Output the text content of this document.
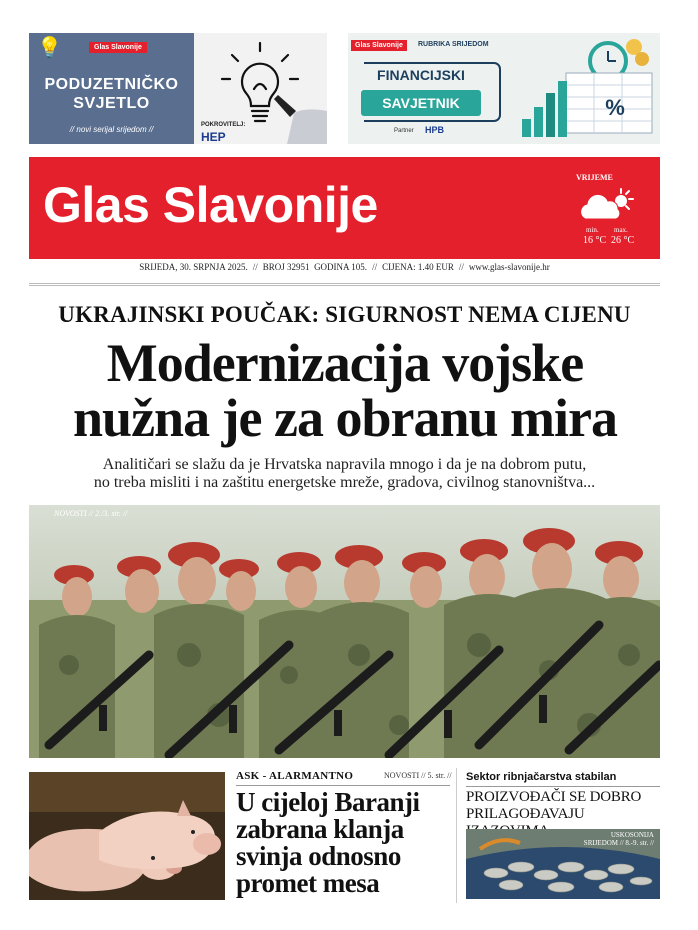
💡	Glas Slavonije
PODUZETNIČKO
SVJETLO
// novi serijal srijedom //	POKROVITELJ:
HEP
Glas Slavonije	RUBRIKA SRIJEDOM
FINANCIJSKI
SAVJETNIK
Partner HPB
%
Glas Slavonije	VRIJEME
min. max.
16 °C 26 °C
SRIJEDA, 30. SRPNJA 2025. // BROJ 32951 GODINA 105. // CIJENA: 1.40 EUR // www.glas-slavonije.hr
UKRAJINSKI POUČAK: SIGURNOST NEMA CIJENU
Modernizacija vojske
nužna je za obranu mira
Analitičari se slažu da je Hrvatska napravila mnogo i da je na dobrom putu,
no treba misliti i na zaštitu energetske mreže, gradova, civilnog stanovništva...
NOVOSTI // 2./3. str. //
ASK - ALARMANTNO	NOVOSTI // 5. str. //
U cijeloj Baranji zabrana klanja svinja odnosno promet mesa
Sektor ribnjačarstva stabilan
PROIZVOĐAČI SE DOBRO PRILAGOĐAVAJU
USKOSONIJA
SRIJEDOM // 8.-9. str. //
